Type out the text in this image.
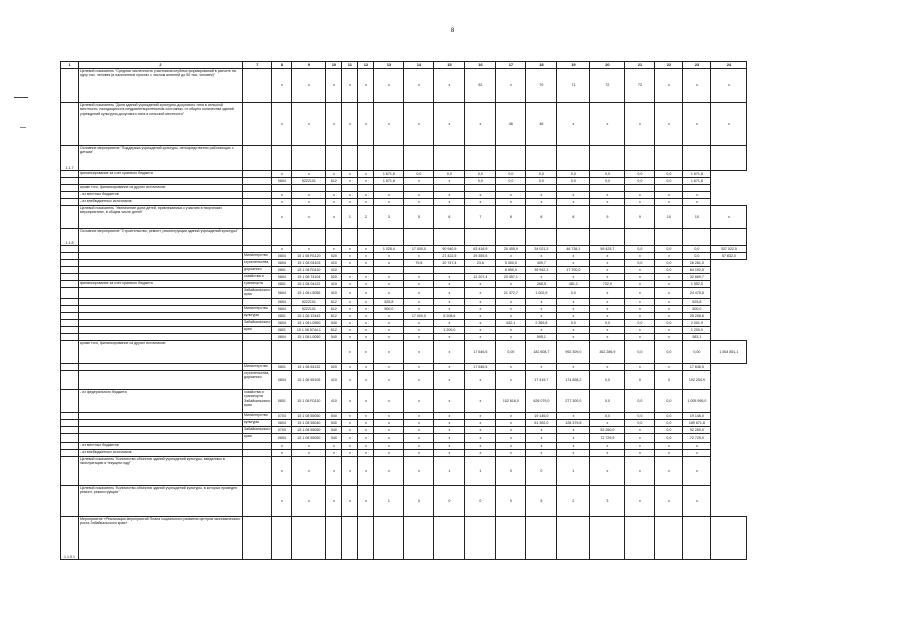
8
1	2	7	8	9	10	11	12	13	14	15	16	17	18	19	20	21	22	23	24
	Целевой показатель "Средняя численность участников клубных формирований в расчете на одну тыс. человек (в населенных пунктах с числом жителей до 50 тыс. человек)"		x	x	x	x	x	x	x	x	52	x	70	71	72	73	x	x	x
	Целевой показатель "Доля зданий учреждений культурно-досугового типа в сельской местности, находящихся в неудовлетворительном состоянии, от общего количества зданий учреждений культурно-досугового типа в сельской местности"		x	x	x	x	x	x	x	x	x	46	46	x	x	x	x	x	x
1.1.7	Основное мероприятие "Поддержка учреждений культуры, непосредственно работающих с детьми"																		
	финансирование за счет краевого бюджета		x	x	x	x	x	1 671,8	0,0	0,0	0,0	0,0	0,0	0,0	0,0	0,0	0,0	1 671,8	
			0804	5222101	612	x	x	1 671,8	x	x	0,0	0,0	0,0	0,0	0,0	0,0	0,0	1 671,8	
	кроме того, финансирование из других источников:																		
	- из местных бюджетов		x	x	x	x	x	x	x	x	x	x	x	x	x	x	x	x	
	- из внебюджетных источников		x	x	x	x	x	x	x	x	x	x	x	x	x	x	x	x	
	Целевой показатель "Увеличение доли детей, привлекаемых к участию в творческих мероприятиях, в общем числе детей"		x	x	x	1	2	3	5	6	7	8	8	8	9	9	10	10	x
1.1.8	Основное мероприятие "Строительство, ремонт, реконструкция зданий учреждений культуры"																		
			x	x	x	x	x	1 025,4	17 000,0	90 940,9	63 416,9	20 455,9	34 021,3	46 738,1	59 425,7	0,0	0,0	0,0	337 022,5
		Министерство	0804	15 1 08 R1120	520	x	x	x	x	27 422,5	29 359,5	x	x	x	x	x	x	0,0	57 832,0
		строительства,	0804	15 1 08 04103	410	x	x	x	79,8	20 747,4	23,6	5 000,0	409,7	x	x	0,0	0,0	26 261,0	
		дорожного	0801	15 1 08 R1110	410							6 550,0	39 942,1	17 700,0	x	x	0,0	64 192,5	
		хозяйства и	0804	15 1 08 74104	520	x	x	x	x	x	12 207,4	20 457,1	x	x	x	x	x	32 669,7	
	финансирование за счет краевого бюджета	транспорта	0801	15 1 08 04122	410	x	x	x	x	x	x	x	268,5	481,1	732,9	x	x	1 552,5	
		Забайкальского края	0804	15 1 08 L5055	410	x	x	x	x	x	x	21 472,7	1 002,9	0,0	x	x	x	24 475,6	
			0804	5222101	612	x	x	525,8	x	x	x	x	x	x	x	x	x	525,8	
		Министерство	0804	5222101	612	x	x	500,0	x	x	x	x	x	x	x	x	x	500,0	
		культуры	0801	15 1 08 12443	612	x	x	x	17 000,0	8 208,6	x	x	x	x	x	x	x	25 208,6	
		Забайкальского	0804	15 1 08 L0950	540	x	x	x	x	x	x	632,1	2 369,8	0,0	0,0	0,0	0,0	2 001,9	
		края	0801	15 1 08 5744.1	612	x	x	x	x	1 200,0	x	x	x	x	x	x	x	1 200,0	
			0804	15 1 08 L0050	540	x	x	x	x	x	x	x	595,1	x	x	x	x	583,1	
	кроме того, финансирование из других источников:					x	x	x	x	x	17 646,5	0,00	182 608,7	992 309,0	362 286,9	0,0	0,0	0,00	1 554 851,1
		Министерство	0801	15 1 08 54132	520	x	x	x	x	x	17 646,5	x	x	x	x	x	x	17 646,5	
		строительства, дорожного	0804	15 1 08 55105	410	x	x	x	x	x	x	x	17 419,7	174 898,2	0,0	0	0	192 254,9	
	- из федерального бюджета	хозяйства и транспорта Забайкальского края	0801	15 1 08 R1110	410	x	x	x	x	x	x	102 616,0	626 079,0	277 300,0	0,0	0,0	0,0	1 005 995,0	
		Министерство	0703	15 1 08 55050	540	x	x	x	x	x	x	x	19 146,0	x	0,0	0,0	0,0	19 146,0	
		культуры	0804	15 1 08 55040	540	x	x	x	x	x	x	x	61 392,0	128 379,8	x	0,0	0,0	189 671,8	
		Забайкальского	0703	15 1 08 55050	540	x	x	x	x	x	x	x	x	x	52 260,0	x	0,0	52 260,0	
		края	0804	15 1 08 55050	540	x	x	x	x	x	x	x	x	x	72 729,9	x	0,0	72 729,9	
	- из местных бюджетов		x	x	x	x	x	x	x	x	x	x	x	x	x	x	x	x	
	- из внебюджетных источников		x	x	x	x	x	x	x	x	x	x	x	x	x	x	x	x	
	Целевой показатель "Количество объектов зданий учреждений культуры, введенных в эксплуатацию в текущем году"		x	x	x	x	x	x	x	1	1	0	0	1	x	x	x	x	
	Целевой показатель "Количество объектов зданий учреждений культуры, в которых проведен ремонт, реконструкция"		x	x	x	x	x	1	0	0	0	0	5	2	3	x	x	x	
1.1.9.1	Мероприятие «Реализация мероприятий Плана социального развития центров экономического роста Забайкальского края»																		
